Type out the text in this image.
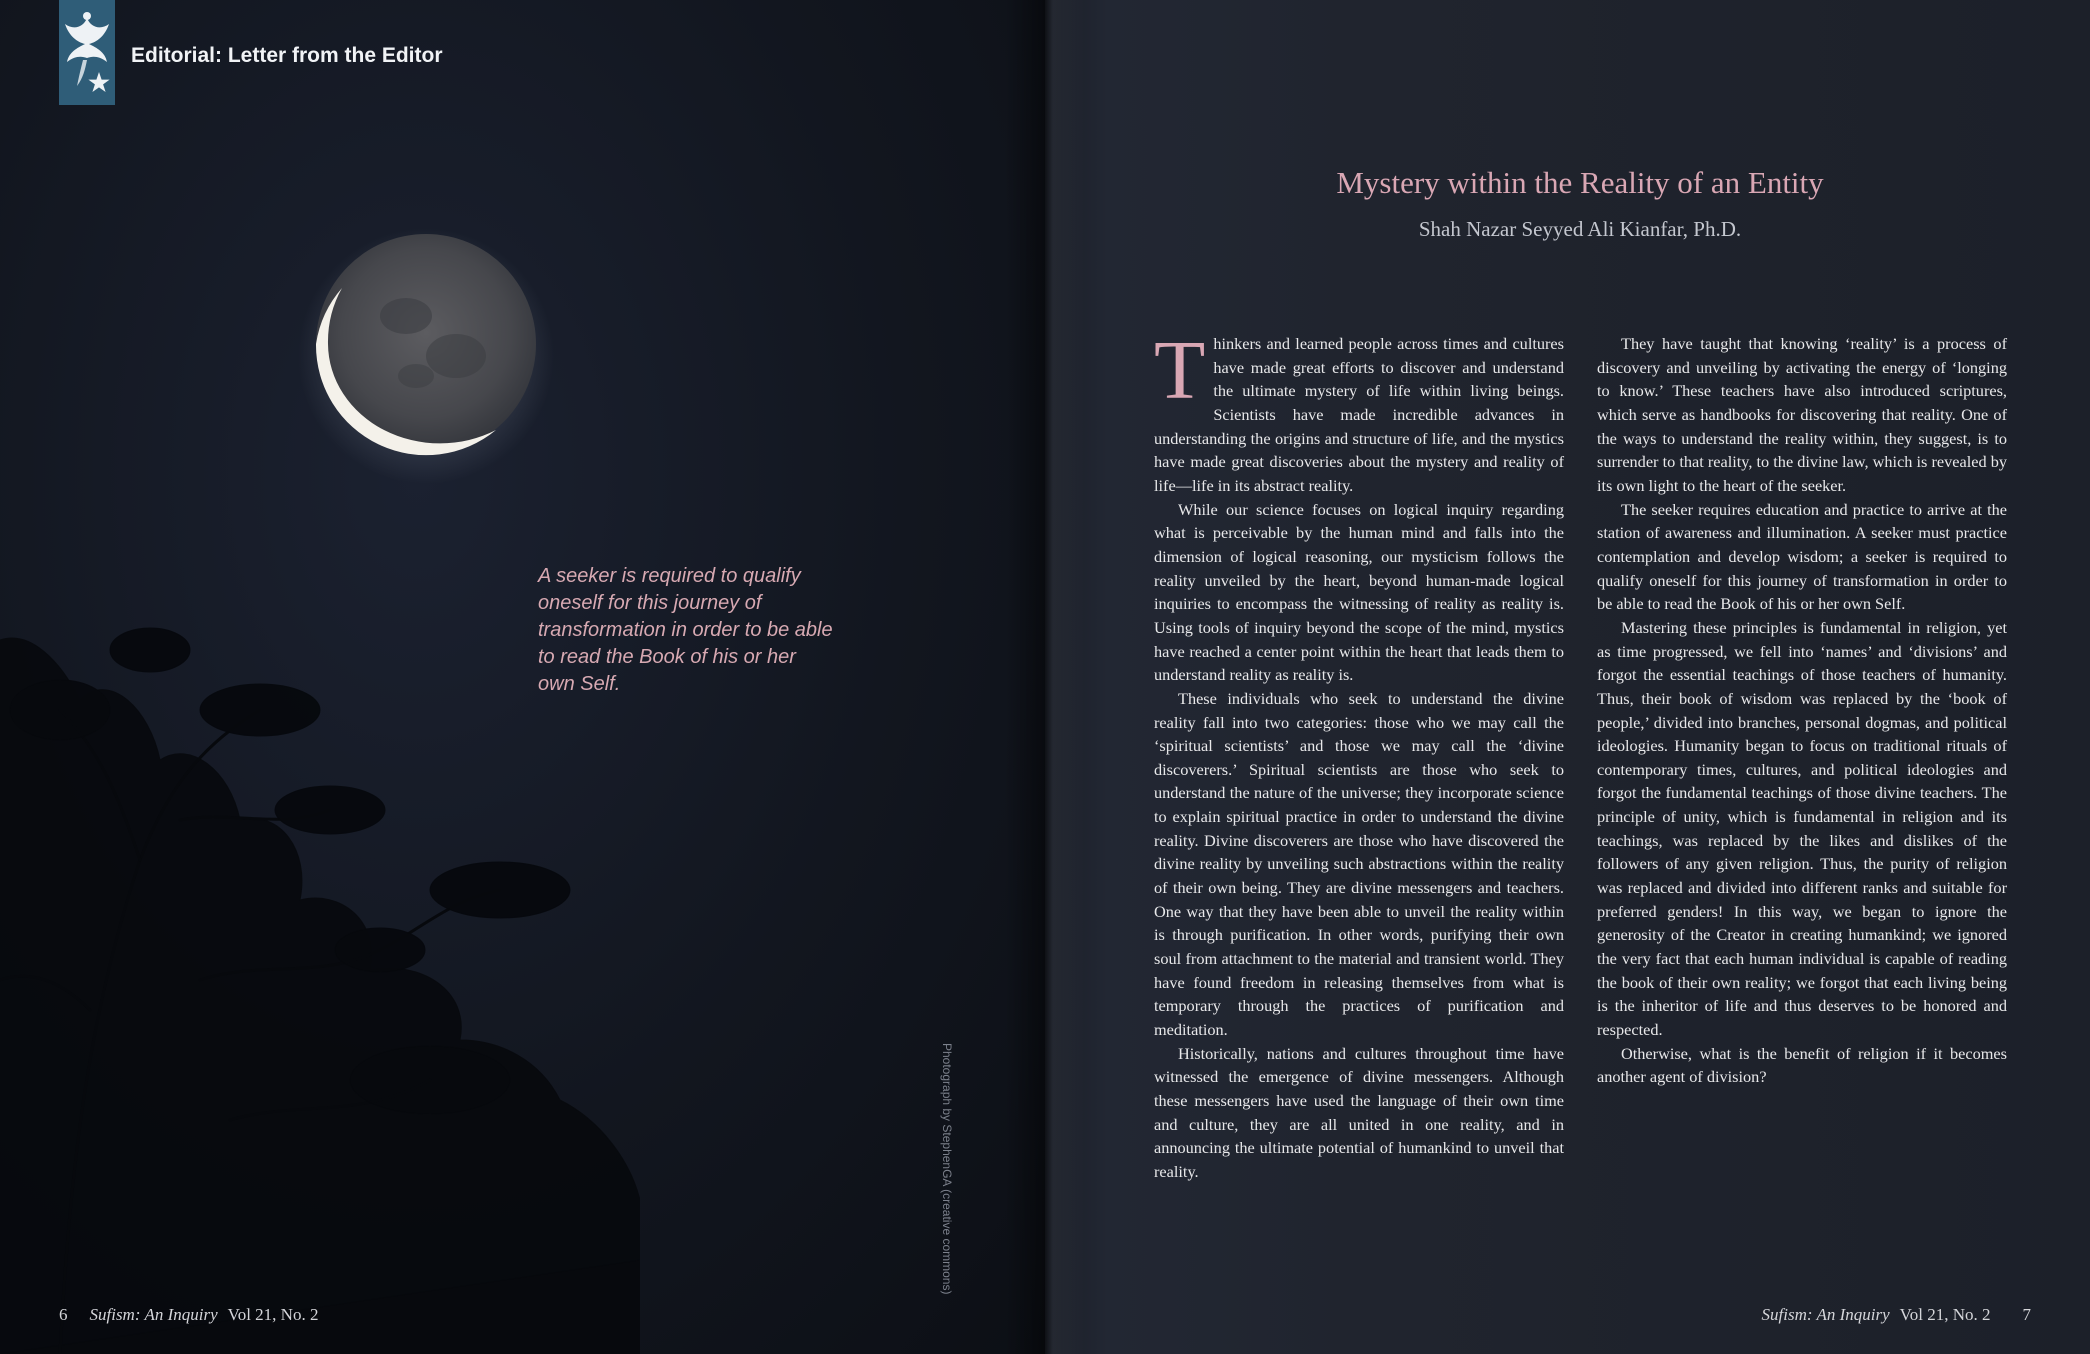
Editorial: Letter from the Editor
A seeker is required to qualify oneself for this journey of transformation in order to be able to read the Book of his or her own Self.
Photograph by StephenGA (creative commons)
6 Sufism: An Inquiry Vol 21, No. 2
Mystery within the Reality of an Entity
Shah Nazar Seyyed Ali Kianfar, Ph.D.

Thinkers and learned people across times and cultures have made great efforts to discover and understand the ultimate mystery of life within living beings. Scientists have made incredible advances in understanding the origins and structure of life, and the mystics have made great discoveries about the mystery and reality of life—life in its abstract reality.

While our science focuses on logical inquiry regarding what is perceivable by the human mind and falls into the dimension of logical reasoning, our mysticism follows the reality unveiled by the heart, beyond human-made logical inquiries to encompass the witnessing of reality as reality is. Using tools of inquiry beyond the scope of the mind, mystics have reached a center point within the heart that leads them to understand reality as reality is.

These individuals who seek to understand the divine reality fall into two categories: those who we may call the ‘spiritual scientists’ and those we may call the ‘divine discoverers.’ Spiritual scientists are those who seek to understand the nature of the universe; they incorporate science to explain spiritual practice in order to understand the divine reality. Divine discoverers are those who have discovered the divine reality by unveiling such abstractions within the reality of their own being. They are divine messengers and teachers. One way that they have been able to unveil the reality within is through purification. In other words, purifying their own soul from attachment to the material and transient world. They have found freedom in releasing themselves from what is temporary through the practices of purification and meditation.

Historically, nations and cultures throughout time have witnessed the emergence of divine messengers. Although these messengers have used the language of their own time and culture, they are all united in one reality, and in announcing the ultimate potential of humankind to unveil that reality.

They have taught that knowing ‘reality’ is a process of discovery and unveiling by activating the energy of ‘longing to know.’ These teachers have also introduced scriptures, which serve as handbooks for discovering that reality. One of the ways to understand the reality within, they suggest, is to surrender to that reality, to the divine law, which is revealed by its own light to the heart of the seeker.

The seeker requires education and practice to arrive at the station of awareness and illumination. A seeker must practice contemplation and develop wisdom; a seeker is required to qualify oneself for this journey of transformation in order to be able to read the Book of his or her own Self.

Mastering these principles is fundamental in religion, yet as time progressed, we fell into ‘names’ and ‘divisions’ and forgot the essential teachings of those teachers of humanity. Thus, their book of wisdom was replaced by the ‘book of people,’ divided into branches, personal dogmas, and political ideologies. Humanity began to focus on traditional rituals of contemporary times, cultures, and political ideologies and forgot the fundamental teachings of those divine teachers. The principle of unity, which is fundamental in religion and its teachings, was replaced by the likes and dislikes of the followers of any given religion. Thus, the purity of religion was replaced and divided into different ranks and suitable for preferred genders! In this way, we began to ignore the generosity of the Creator in creating humankind; we ignored the very fact that each human individual is capable of reading the book of their own reality; we forgot that each living being is the inheritor of life and thus deserves to be honored and respected.

Otherwise, what is the benefit of religion if it becomes another agent of division?

Sufism: An Inquiry Vol 21, No. 2 7
